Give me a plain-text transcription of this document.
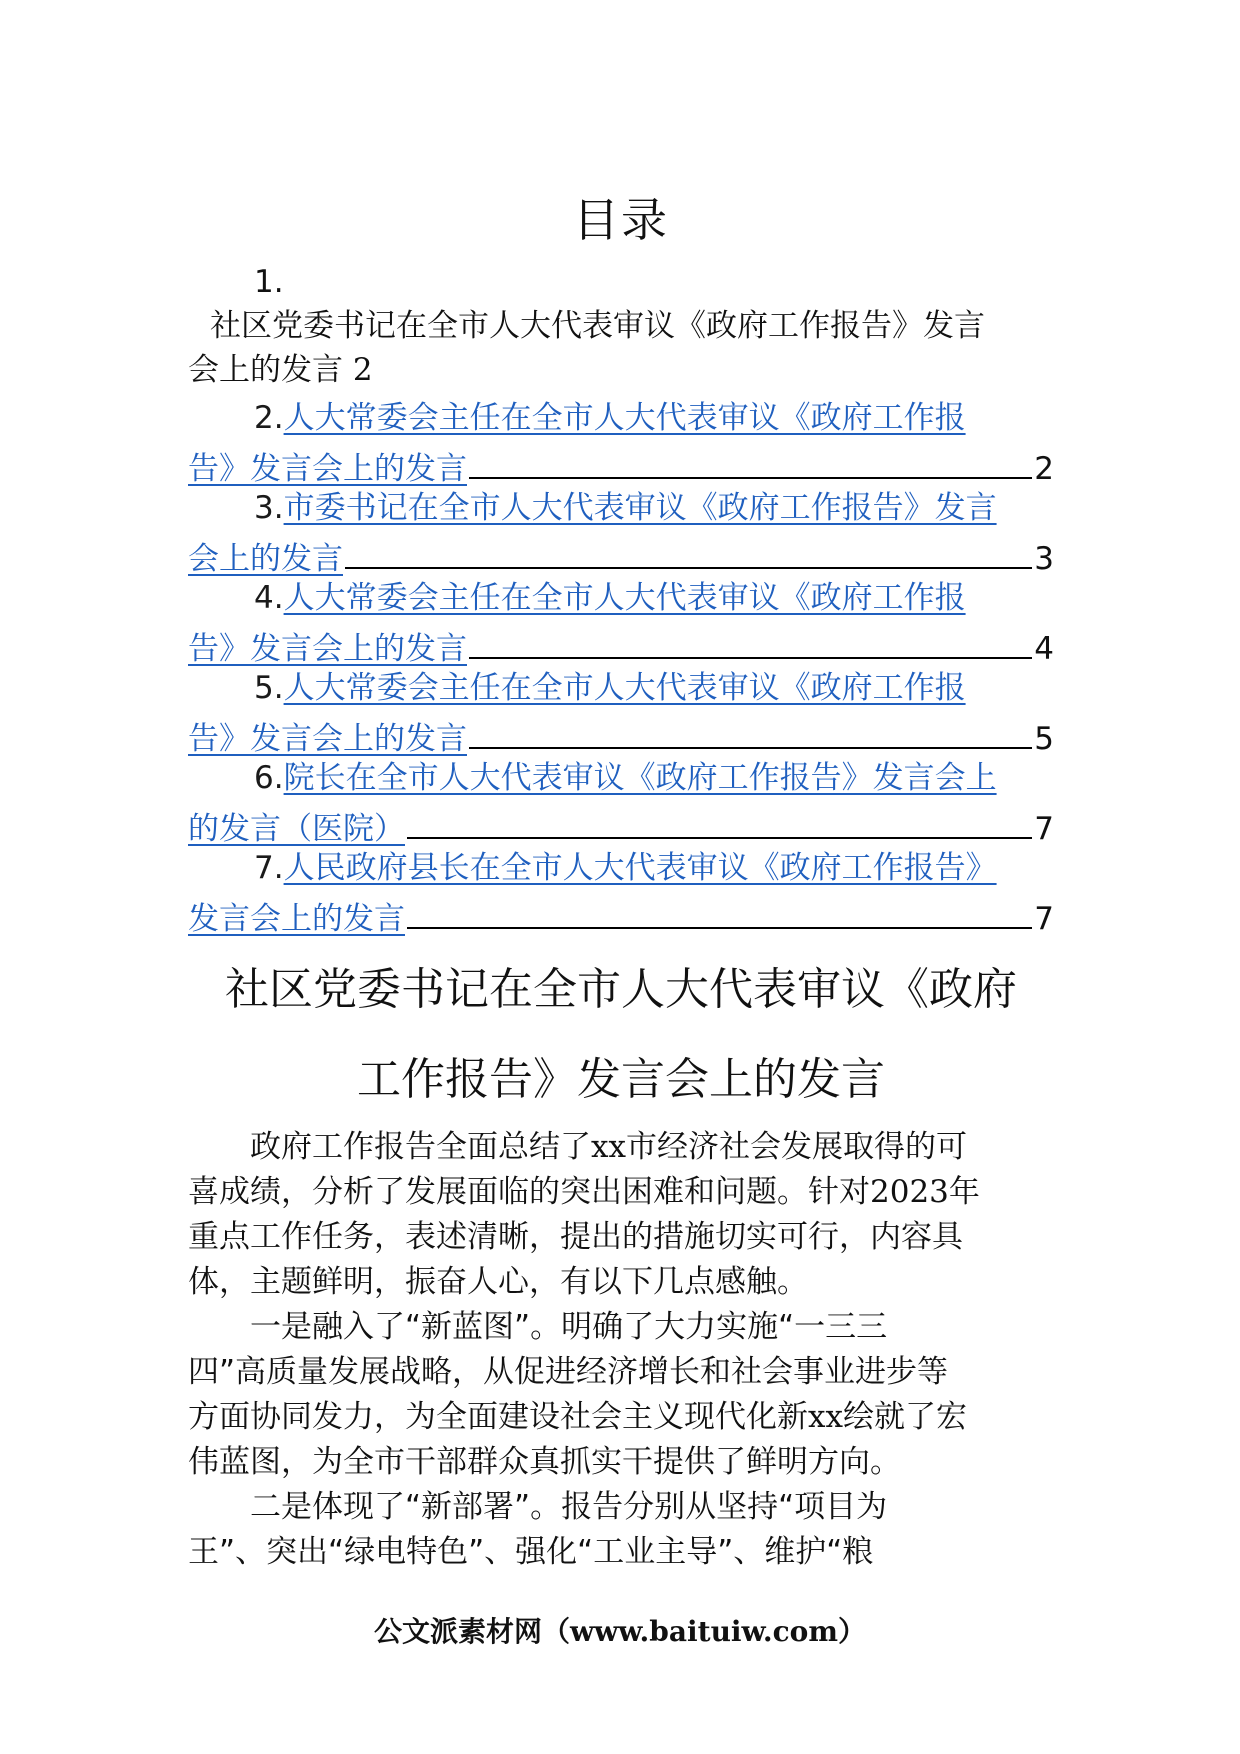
目录
1.
社区党委书记在全市人大代表审议《政府工作报告》发言
会上的发言 2
2.人大常委会主任在全市人大代表审议《政府工作报
告》发言会上的发言	2
3.市委书记在全市人大代表审议《政府工作报告》发言
会上的发言	3
4.人大常委会主任在全市人大代表审议《政府工作报
告》发言会上的发言	4
5.人大常委会主任在全市人大代表审议《政府工作报
告》发言会上的发言	5
6.院长在全市人大代表审议《政府工作报告》发言会上
的发言（医院）	7
7.人民政府县长在全市人大代表审议《政府工作报告》
发言会上的发言	7
社区党委书记在全市人大代表审议《政府
工作报告》发言会上的发言
政府工作报告全面总结了xx市经济社会发展取得的可
喜成绩，分析了发展面临的突出困难和问题。针对2023年
重点工作任务，表述清晰，提出的措施切实可行，内容具
体，主题鲜明，振奋人心，有以下几点感触。
一是融入了“新蓝图”。明确了大力实施“一三三
四”高质量发展战略，从促进经济增长和社会事业进步等
方面协同发力，为全面建设社会主义现代化新xx绘就了宏
伟蓝图，为全市干部群众真抓实干提供了鲜明方向。
二是体现了“新部署”。报告分别从坚持“项目为
王”、突出“绿电特色”、强化“工业主导”、维护“粮
公文派素材网（www.baituiw.com）
